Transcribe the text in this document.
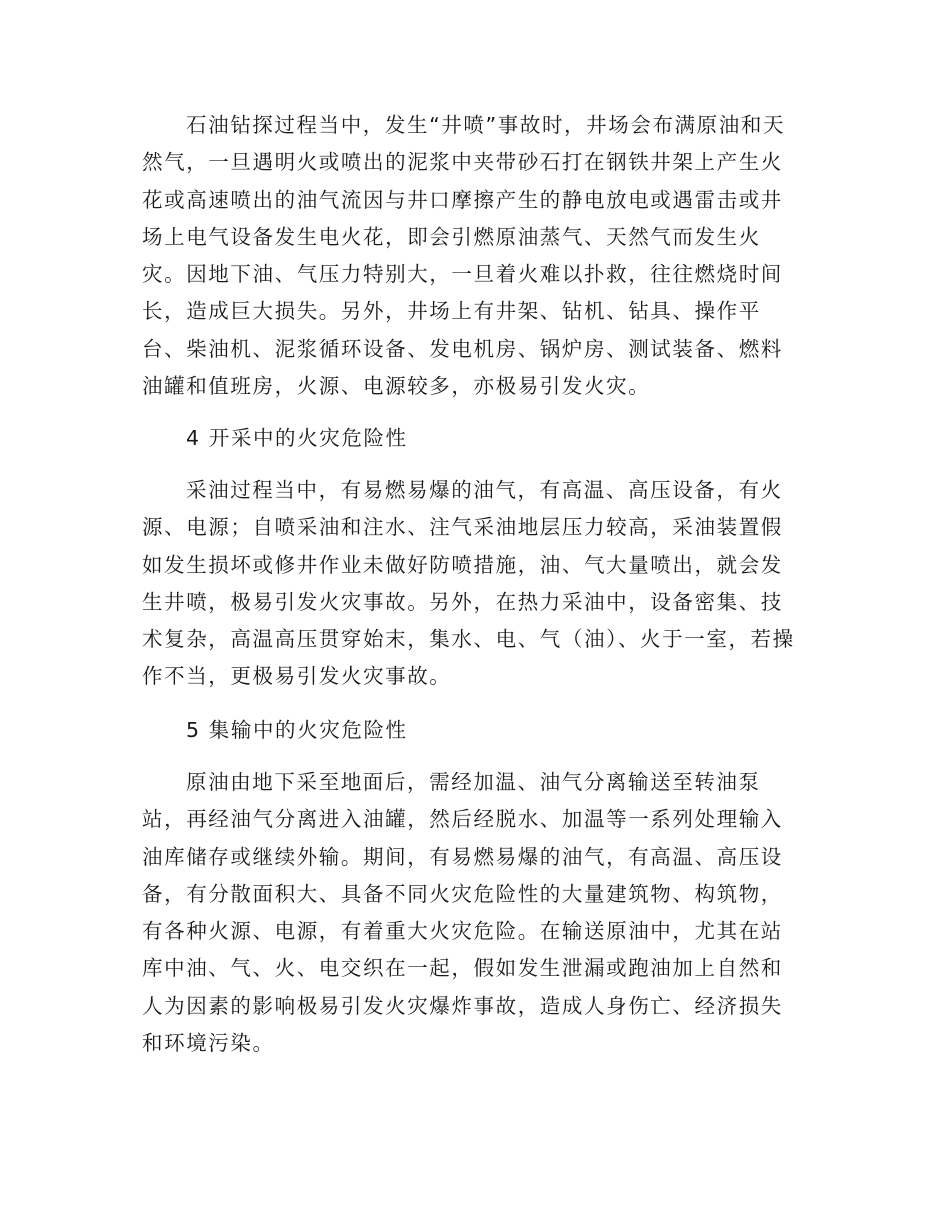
石油钻探过程当中，发生“井喷”事故时，井场会布满原油和天然气，一旦遇明火或喷出的泥浆中夹带砂石打在钢铁井架上产生火花或高速喷出的油气流因与井口摩擦产生的静电放电或遇雷击或井场上电气设备发生电火花，即会引燃原油蒸气、天然气而发生火灾。因地下油、气压力特别大，一旦着火难以扑救，往往燃烧时间长，造成巨大损失。另外，井场上有井架、钻机、钻具、操作平台、柴油机、泥浆循环设备、发电机房、锅炉房、测试装备、燃料油罐和值班房，火源、电源较多，亦极易引发火灾。

4 开采中的火灾危险性

采油过程当中，有易燃易爆的油气，有高温、高压设备，有火源、电源；自喷采油和注水、注气采油地层压力较高，采油装置假如发生损坏或修井作业未做好防喷措施，油、气大量喷出，就会发生井喷，极易引发火灾事故。另外，在热力采油中，设备密集、技术复杂，高温高压贯穿始末，集水、电、气（油）、火于一室，若操作不当，更极易引发火灾事故。

5 集输中的火灾危险性

原油由地下采至地面后，需经加温、油气分离输送至转油泵站，再经油气分离进入油罐，然后经脱水、加温等一系列处理输入油库储存或继续外输。期间，有易燃易爆的油气，有高温、高压设备，有分散面积大、具备不同火灾危险性的大量建筑物、构筑物，有各种火源、电源，有着重大火灾危险。在输送原油中，尤其在站库中油、气、火、电交织在一起，假如发生泄漏或跑油加上自然和人为因素的影响极易引发火灾爆炸事故，造成人身伤亡、经济损失和环境污染。
